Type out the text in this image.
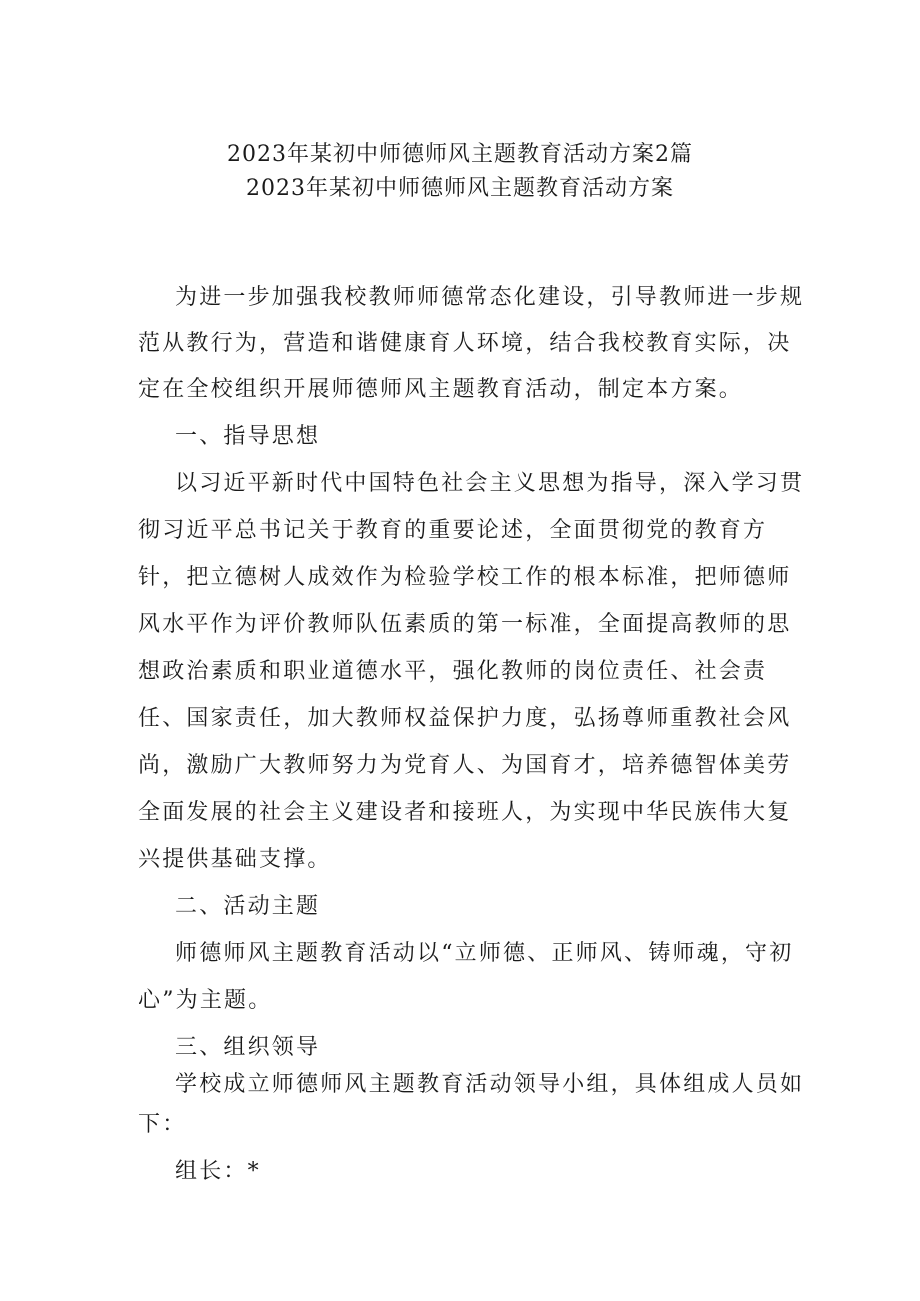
2023年某初中师德师风主题教育活动方案2篇
2023年某初中师德师风主题教育活动方案
为进一步加强我校教师师德常态化建设，引导教师进一步规
范从教行为，营造和谐健康育人环境，结合我校教育实际，决
定在全校组织开展师德师风主题教育活动，制定本方案。
一、指导思想
以习近平新时代中国特色社会主义思想为指导，深入学习贯
彻习近平总书记关于教育的重要论述，全面贯彻党的教育方
针，把立德树人成效作为检验学校工作的根本标准，把师德师
风水平作为评价教师队伍素质的第一标准，全面提高教师的思
想政治素质和职业道德水平，强化教师的岗位责任、社会责
任、国家责任，加大教师权益保护力度，弘扬尊师重教社会风
尚，激励广大教师努力为党育人、为国育才，培养德智体美劳
全面发展的社会主义建设者和接班人，为实现中华民族伟大复
兴提供基础支撑。
二、活动主题
师德师风主题教育活动以“立师德、正师风、铸师魂，守初
心”为主题。
三、组织领导
学校成立师德师风主题教育活动领导小组，具体组成人员如
下：
组长：*
